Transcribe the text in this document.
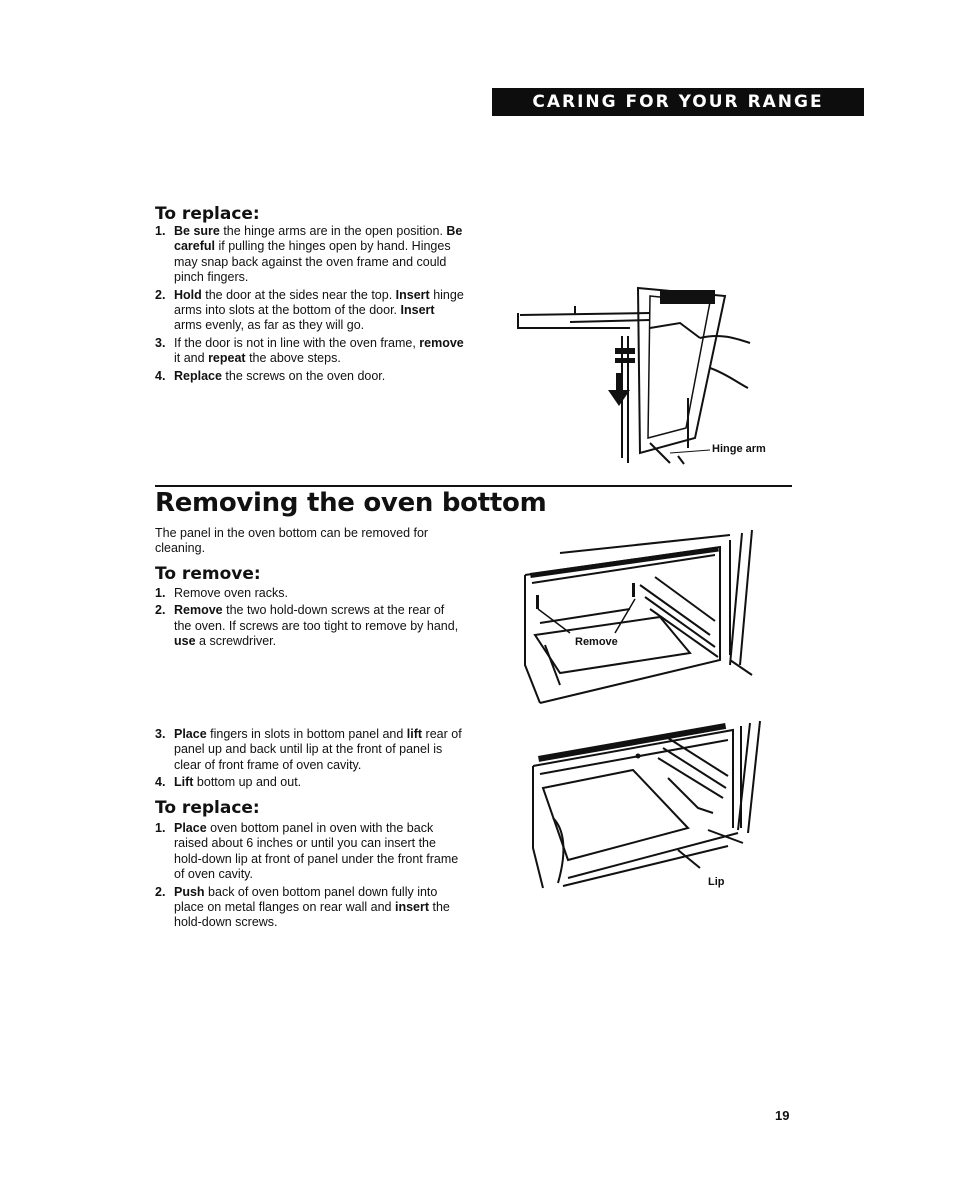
CARING FOR YOUR RANGE
To replace:
1. Be sure the hinge arms are in the open position. Be careful if pulling the hinges open by hand. Hinges may snap back against the oven frame and could pinch fingers.
2. Hold the door at the sides near the top. Insert hinge arms into slots at the bottom of the door. Insert arms evenly, as far as they will go.
3. If the door is not in line with the oven frame, remove it and repeat the above steps.
4. Replace the screws on the oven door.
Hinge arm
Removing the oven bottom

The panel in the oven bottom can be removed for cleaning.

To remove:
1. Remove oven racks.
2. Remove the two hold-down screws at the rear of the oven. If screws are too tight to remove by hand, use a screwdriver.	Remove
3. Place fingers in slots in bottom panel and lift rear of panel up and back until lip at the front of panel is clear of front frame of oven cavity.
4. Lift bottom up and out.
To replace:
1. Place oven bottom panel in oven with the back raised about 6 inches or until you can insert the hold-down lip at front of panel under the front frame of oven cavity.
2. Push back of oven bottom panel down fully into place on metal flanges on rear wall and insert the hold-down screws.
Lip
19
